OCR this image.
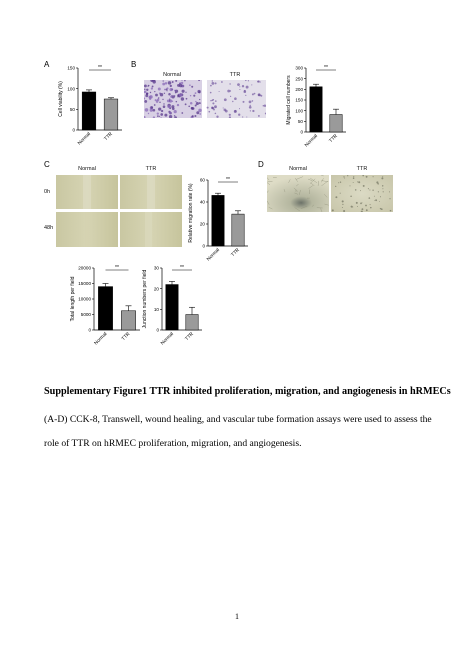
A	B
C	D
0
50
100
150
Cell viability (%)
Normal TTR
**
Normal	TTR
0
50
100
150
200
250
300
Migrated cell numbers
Normal TTR
**
Normal	TTR
0h
48h
0
20
40
60
Relative migration rate (%)
Normal TTR
**
Normal	TTR
0
5000
10000
15000
20000
Total length per field
Normal	TTR
**
0
10
20
30
Junction numbers per field
Normal TTR
**
Supplementary Figure1 TTR inhibited proliferation, migration, and angiogenesis in hRMECs
(A-D) CCK-8, Transwell, wound healing, and vascular tube formation assays were used to assess the
role of TTR on hRMEC proliferation, migration, and angiogenesis.
1
